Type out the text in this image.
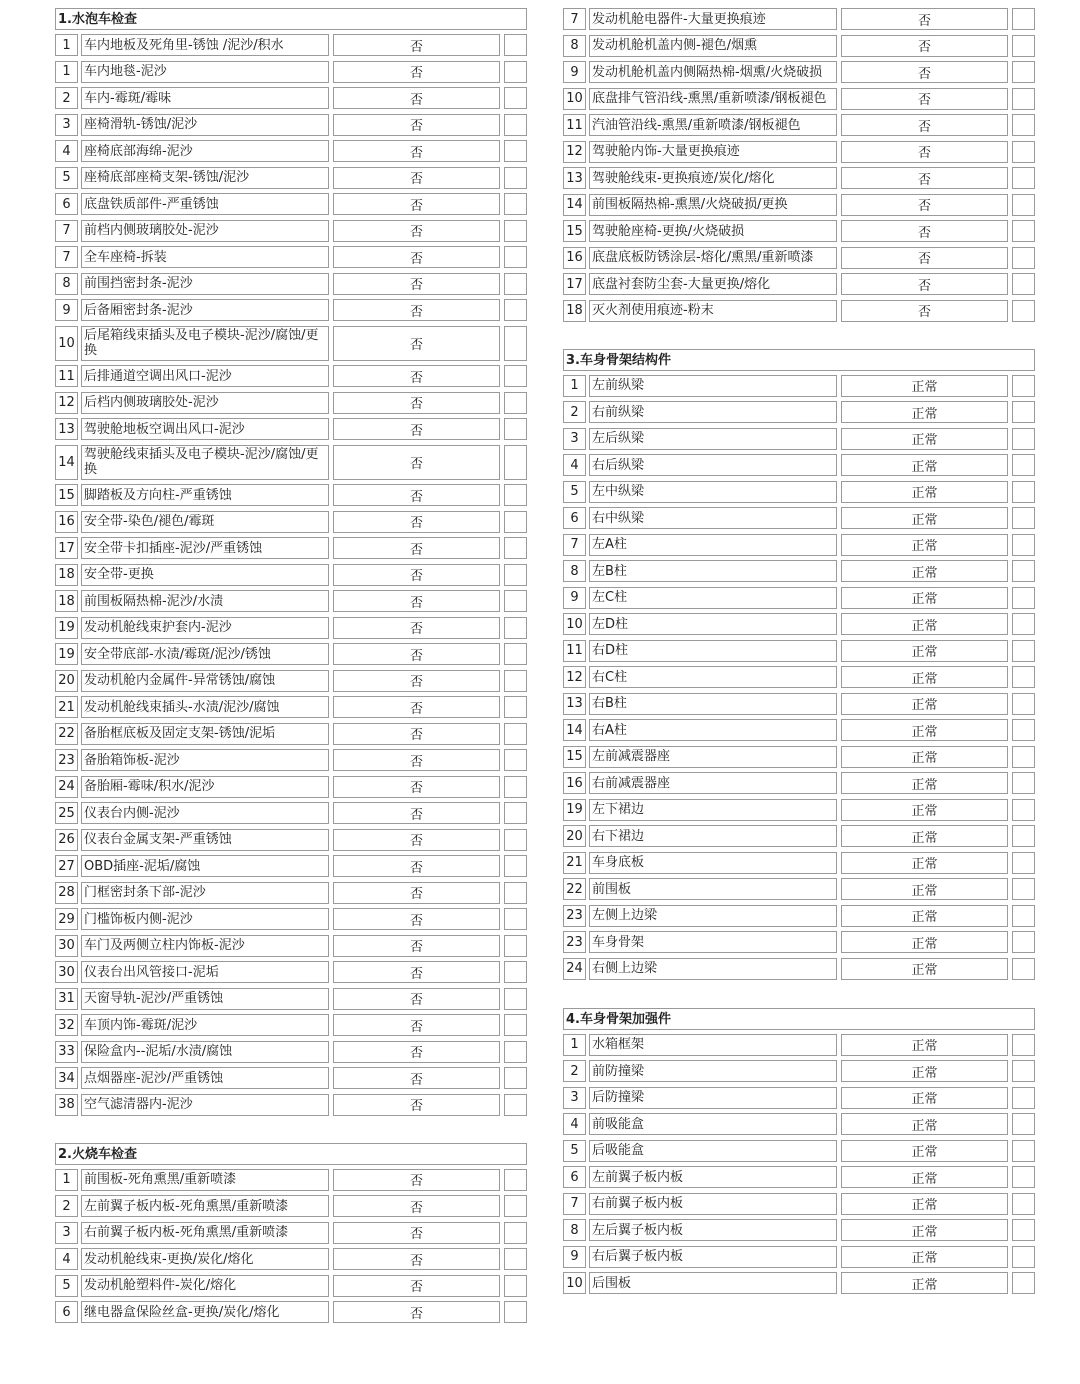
1.水泡车检查
1	车内地板及死角里-锈蚀 /泥沙/积水	否
1	车内地毯-泥沙	否
2	车内-霉斑/霉味	否
3	座椅滑轨-锈蚀/泥沙	否
4	座椅底部海绵-泥沙	否
5	座椅底部座椅支架-锈蚀/泥沙	否
6	底盘铁质部件-严重锈蚀	否
7	前档内侧玻璃胶处-泥沙	否
7	全车座椅-拆装	否
8	前围挡密封条-泥沙	否
9	后备厢密封条-泥沙	否
10 后尾箱线束插头及电子模块-泥沙/腐蚀/更换	否
11 后排通道空调出风口-泥沙	否
12 后档内侧玻璃胶处-泥沙	否
13 驾驶舱地板空调出风口-泥沙	否
14 驾驶舱线束插头及电子模块-泥沙/腐蚀/更换	否
15 脚踏板及方向柱-严重锈蚀	否
16 安全带-染色/褪色/霉斑	否
17 安全带卡扣插座-泥沙/严重锈蚀	否
18 安全带-更换	否
18 前围板隔热棉-泥沙/水渍	否
19 发动机舱线束护套内-泥沙	否
19 安全带底部-水渍/霉斑/泥沙/锈蚀	否
20 发动机舱内金属件-异常锈蚀/腐蚀	否
21 发动机舱线束插头-水渍/泥沙/腐蚀	否
22 备胎框底板及固定支架-锈蚀/泥垢	否
23 备胎箱饰板-泥沙	否
24 备胎厢-霉味/积水/泥沙	否
25 仪表台内侧-泥沙	否
26 仪表台金属支架-严重锈蚀	否
27 OBD插座-泥垢/腐蚀	否
28 门框密封条下部-泥沙	否
29 门槛饰板内侧-泥沙	否
30 车门及两侧立柱内饰板-泥沙	否
30 仪表台出风管接口-泥垢	否
31 天窗导轨-泥沙/严重锈蚀	否
32 车顶内饰-霉斑/泥沙	否
33 保险盒内--泥垢/水渍/腐蚀	否
34 点烟器座-泥沙/严重锈蚀	否
38 空气滤清器内-泥沙	否
2.火烧车检查
1	前围板-死角熏黑/重新喷漆	否
2	左前翼子板内板-死角熏黑/重新喷漆	否
3	右前翼子板内板-死角熏黑/重新喷漆	否
4	发动机舱线束-更换/炭化/熔化	否
5	发动机舱塑料件-炭化/熔化	否
6	继电器盒保险丝盒-更换/炭化/熔化	否
7	发动机舱电器件-大量更换痕迹	否
8	发动机舱机盖内侧-褪色/烟熏	否
9	发动机舱机盖内侧隔热棉-烟熏/火烧破损	否
10 底盘排气管沿线-熏黑/重新喷漆/钢板褪色	否
11 汽油管沿线-熏黑/重新喷漆/钢板褪色	否
12 驾驶舱内饰-大量更换痕迹	否
13 驾驶舱线束-更换痕迹/炭化/熔化	否
14 前围板隔热棉-熏黑/火烧破损/更换	否
15 驾驶舱座椅-更换/火烧破损	否
16 底盘底板防锈涂层-熔化/熏黑/重新喷漆	否
17 底盘衬套防尘套-大量更换/熔化	否
18 灭火剂使用痕迹-粉末	否
3.车身骨架结构件
1	左前纵梁	正常
2	右前纵梁	正常
3	左后纵梁	正常
4	右后纵梁	正常
5	左中纵梁	正常
6	右中纵梁	正常
7	左A柱	正常
8	左B柱	正常
9	左C柱	正常
10 左D柱	正常
11 右D柱	正常
12 右C柱	正常
13 右B柱	正常
14 右A柱	正常
15 左前减震器座	正常
16 右前减震器座	正常
19 左下裙边	正常
20 右下裙边	正常
21 车身底板	正常
22 前围板	正常
23 左侧上边梁	正常
23 车身骨架	正常
24 右侧上边梁	正常
4.车身骨架加强件
1	水箱框架	正常
2	前防撞梁	正常
3	后防撞梁	正常
4	前吸能盒	正常
5	后吸能盒	正常
6	左前翼子板内板	正常
7	右前翼子板内板	正常
8	左后翼子板内板	正常
9	右后翼子板内板	正常
10 后围板	正常
